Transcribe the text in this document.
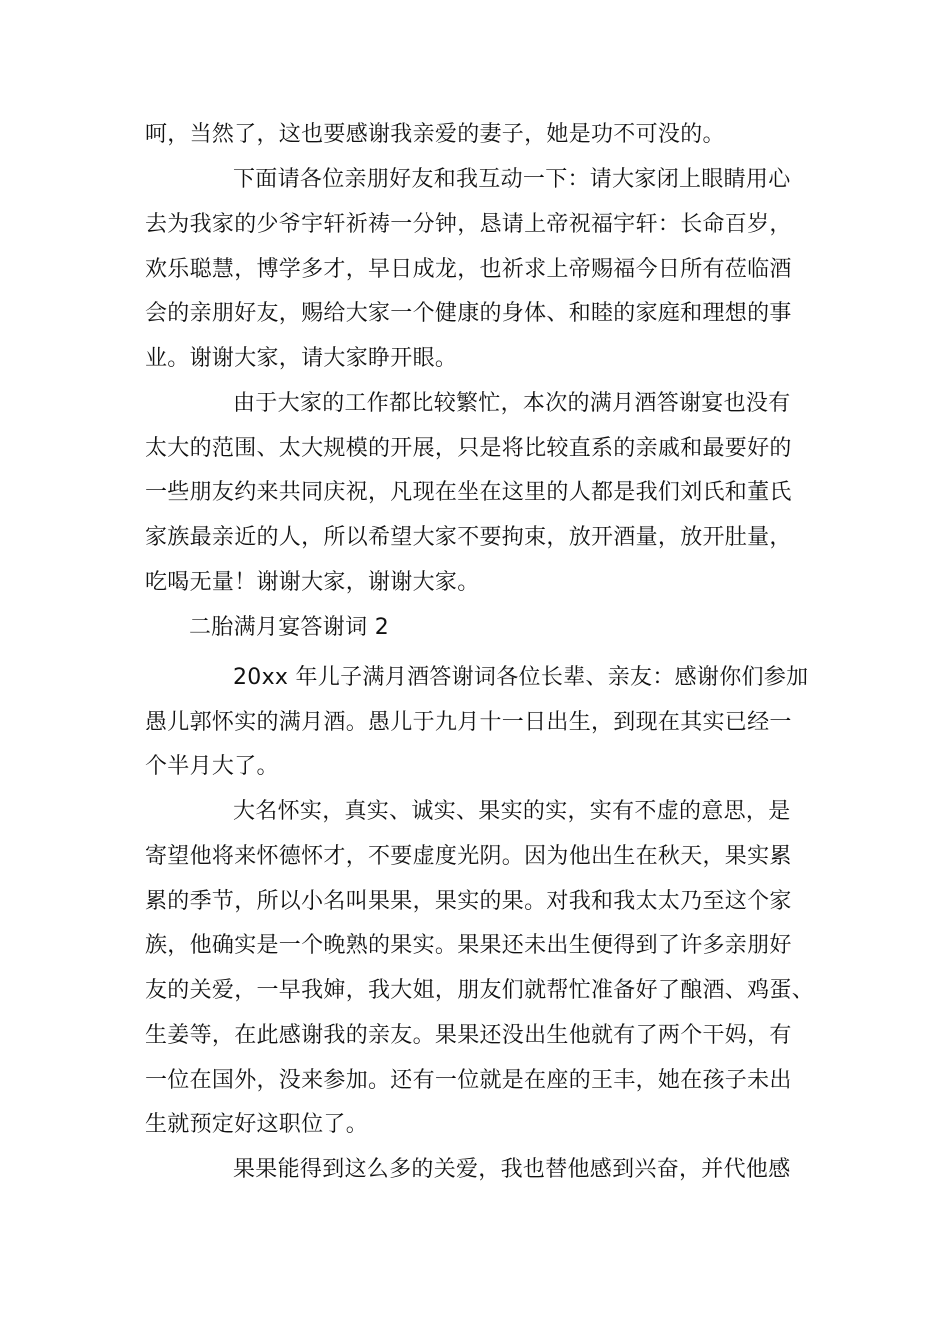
呵，当然了，这也要感谢我亲爱的妻子，她是功不可没的。
下面请各位亲朋好友和我互动一下：请大家闭上眼睛用心
去为我家的少爷宇轩祈祷一分钟，恳请上帝祝福宇轩：长命百岁，
欢乐聪慧，博学多才，早日成龙，也祈求上帝赐福今日所有莅临酒
会的亲朋好友，赐给大家一个健康的身体、和睦的家庭和理想的事
业。谢谢大家，请大家睁开眼。
由于大家的工作都比较繁忙，本次的满月酒答谢宴也没有
太大的范围、太大规模的开展，只是将比较直系的亲戚和最要好的
一些朋友约来共同庆祝，凡现在坐在这里的人都是我们刘氏和董氏
家族最亲近的人，所以希望大家不要拘束，放开酒量，放开肚量，
吃喝无量！谢谢大家，谢谢大家。
二胎满月宴答谢词 2
20xx 年儿子满月酒答谢词各位长辈、亲友：感谢你们参加
愚儿郭怀实的满月酒。愚儿于九月十一日出生，到现在其实已经一
个半月大了。
大名怀实，真实、诚实、果实的实，实有不虚的意思，是
寄望他将来怀德怀才，不要虚度光阴。因为他出生在秋天，果实累
累的季节，所以小名叫果果，果实的果。对我和我太太乃至这个家
族，他确实是一个晚熟的果实。果果还未出生便得到了许多亲朋好
友的关爱，一早我婶，我大姐，朋友们就帮忙准备好了酿酒、鸡蛋、
生姜等，在此感谢我的亲友。果果还没出生他就有了两个干妈，有
一位在国外，没来参加。还有一位就是在座的王丰，她在孩子未出
生就预定好这职位了。
果果能得到这么多的关爱，我也替他感到兴奋，并代他感
